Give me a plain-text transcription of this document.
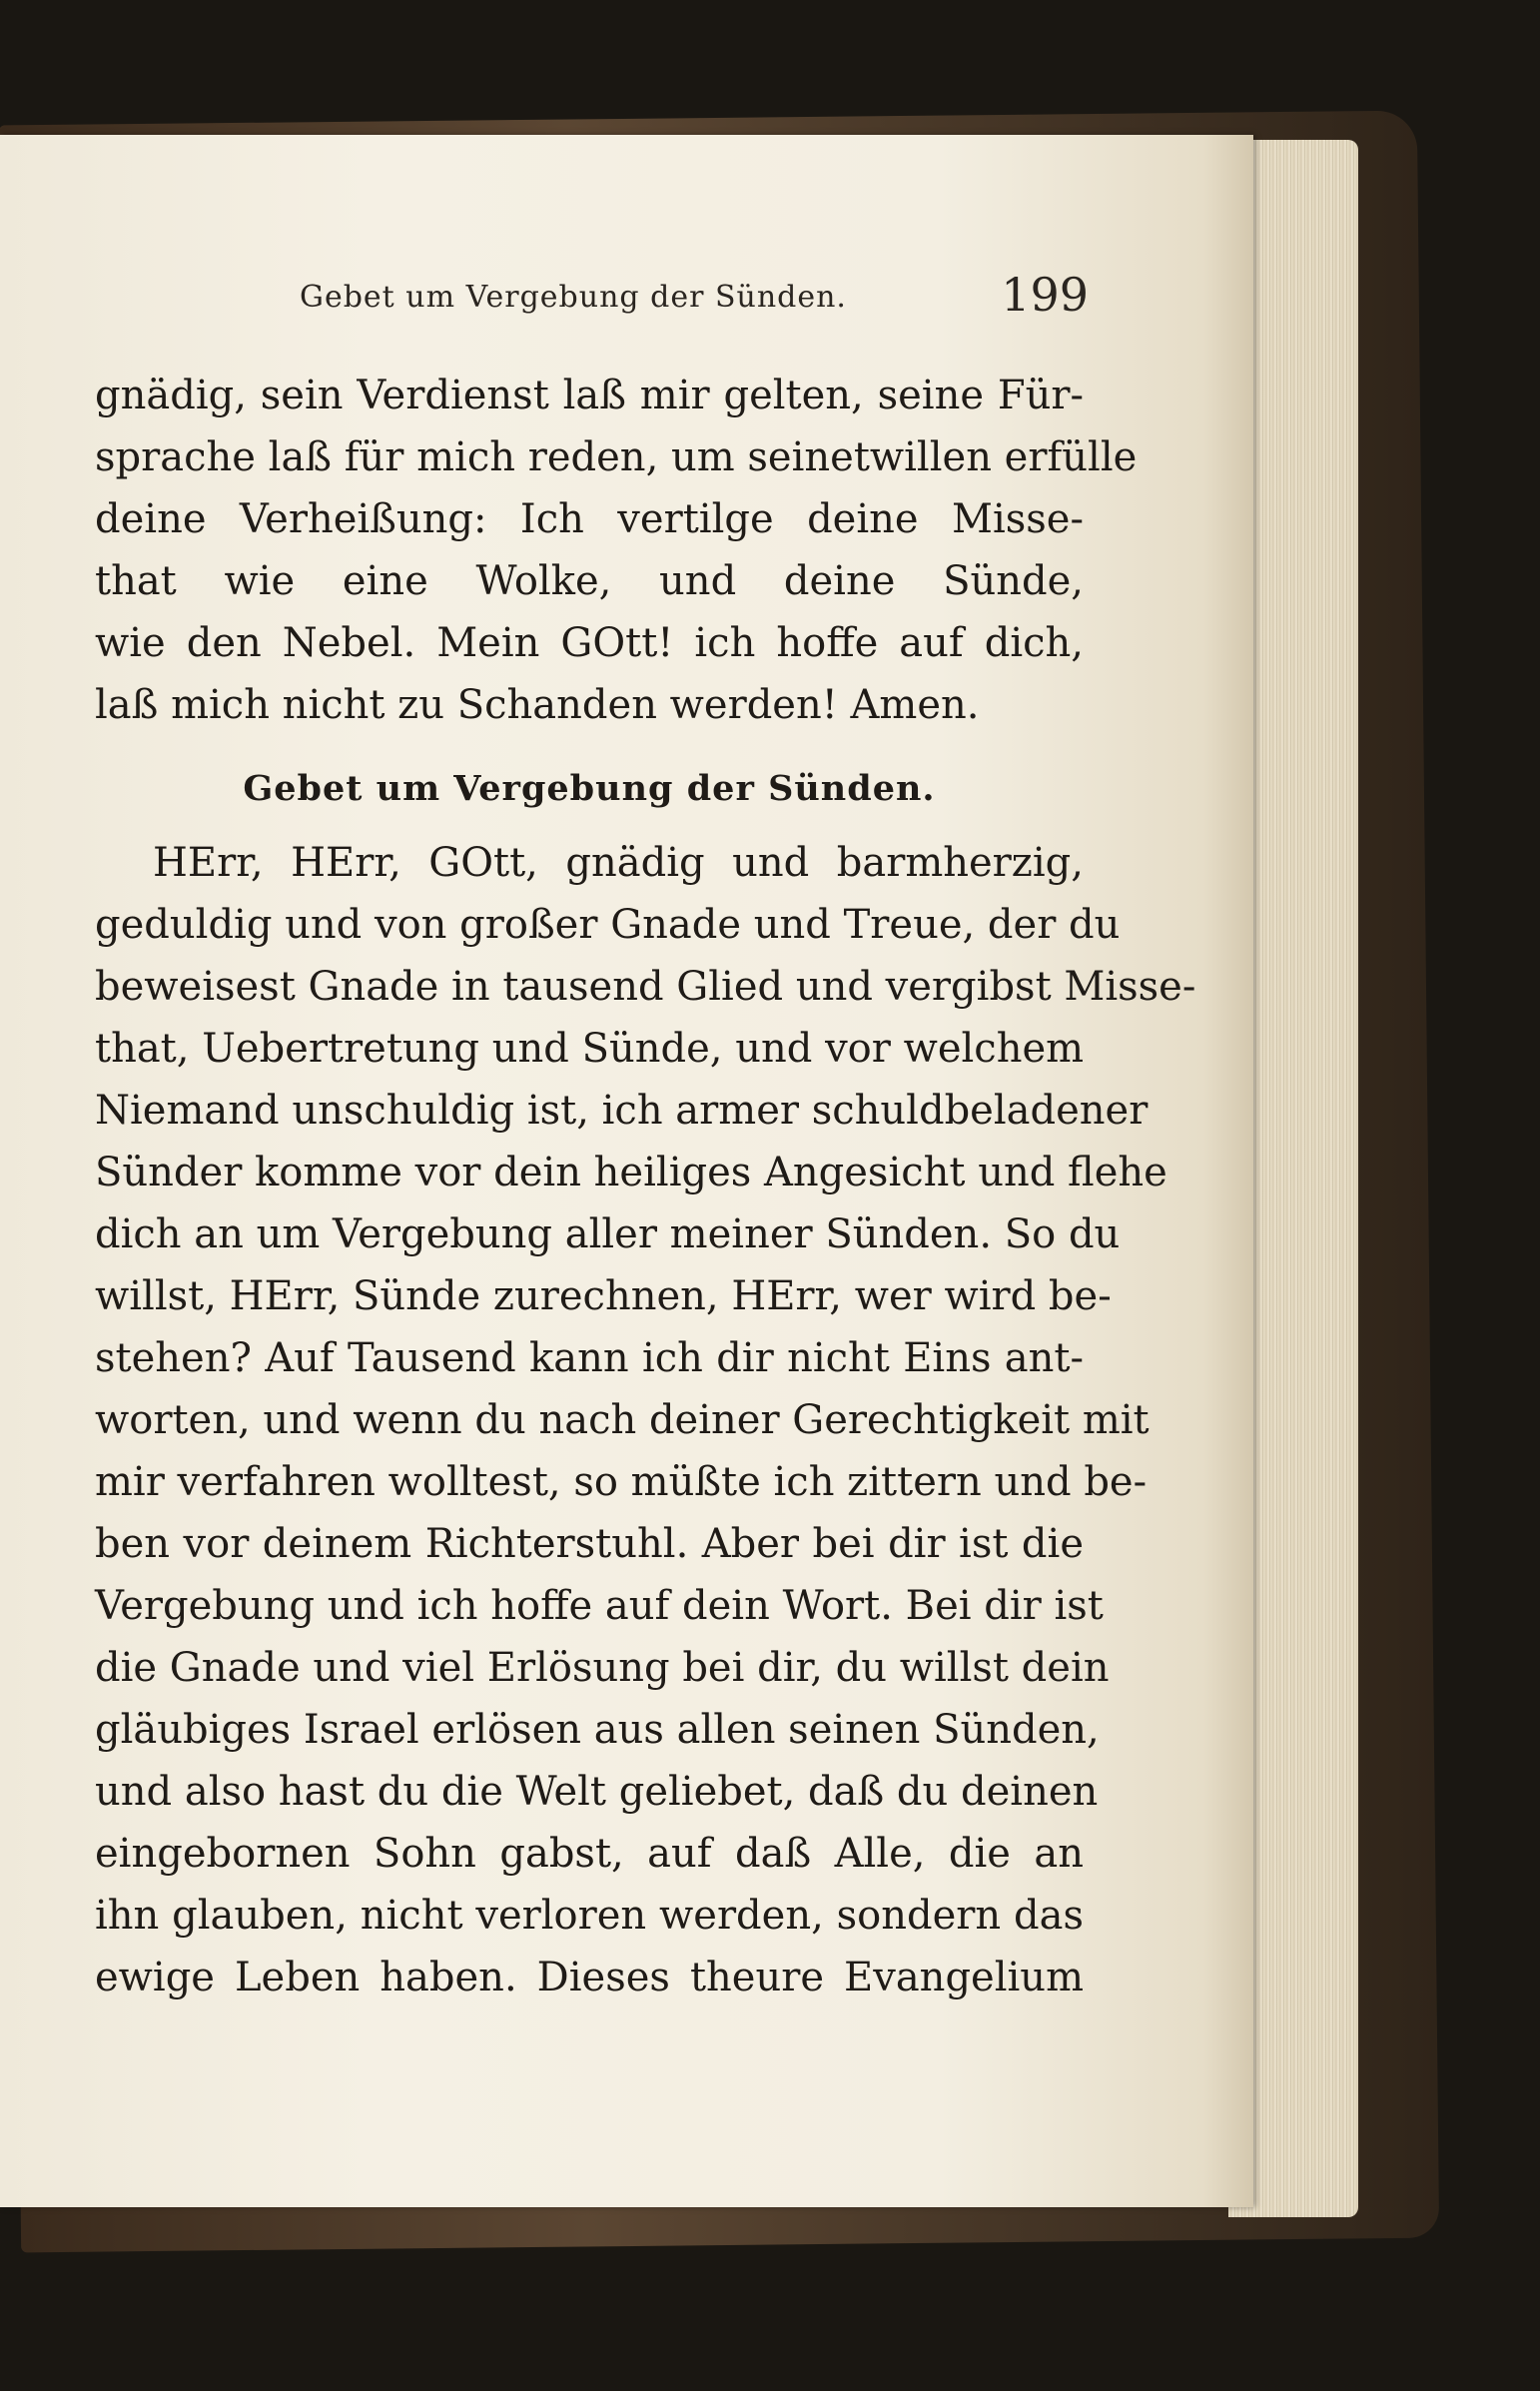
Gebet um Vergebung der Sünden.	199
gnädig, sein Verdienst laß mir gelten, seine Für-
sprache laß für mich reden, um seinetwillen erfülle
deine Verheißung: Ich vertilge deine Misse-
that wie eine Wolke, und deine Sünde,
wie den Nebel. Mein GOtt! ich hoffe auf dich,
laß mich nicht zu Schanden werden! Amen.
Gebet um Vergebung der Sünden.
HErr, HErr, GOtt, gnädig und barmherzig,
geduldig und von großer Gnade und Treue, der du
beweisest Gnade in tausend Glied und vergibst Misse-
that, Uebertretung und Sünde, und vor welchem
Niemand unschuldig ist, ich armer schuldbeladener
Sünder komme vor dein heiliges Angesicht und flehe
dich an um Vergebung aller meiner Sünden. So du
willst, HErr, Sünde zurechnen, HErr, wer wird be-
stehen? Auf Tausend kann ich dir nicht Eins ant-
worten, und wenn du nach deiner Gerechtigkeit mit
mir verfahren wolltest, so müßte ich zittern und be-
ben vor deinem Richterstuhl. Aber bei dir ist die
Vergebung und ich hoffe auf dein Wort. Bei dir ist
die Gnade und viel Erlösung bei dir, du willst dein
gläubiges Israel erlösen aus allen seinen Sünden,
und also hast du die Welt geliebet, daß du deinen
eingebornen Sohn gabst, auf daß Alle, die an
ihn glauben, nicht verloren werden, sondern das
ewige Leben haben. Dieses theure Evangelium
